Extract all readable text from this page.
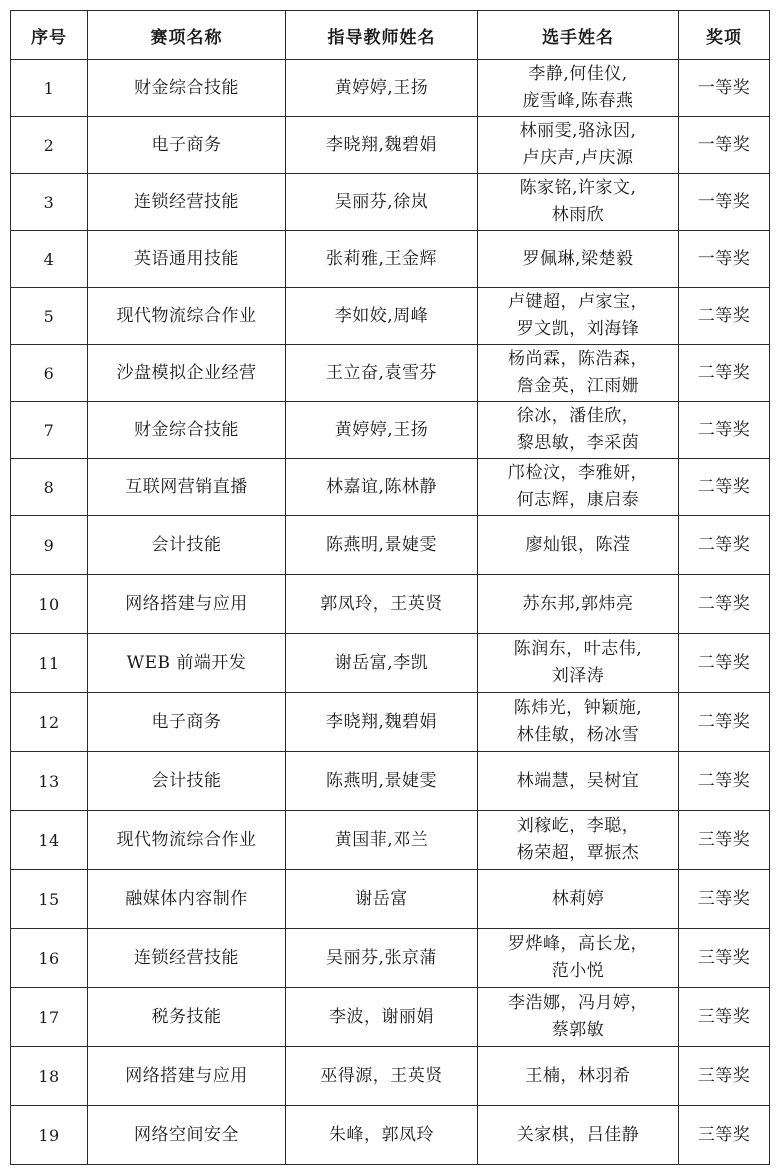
序号	赛项名称	指导教师姓名	选手姓名	奖项
1	财金综合技能	黄婷婷,王扬	李静,何佳仪,
庞雪峰,陈春燕	一等奖
2	电子商务	李晓翔,魏碧娟	林丽雯,骆泳因,
卢庆声,卢庆源	一等奖
3	连锁经营技能	吴丽芬,徐岚	陈家铭,许家文,
林雨欣	一等奖
4	英语通用技能	张莉雅,王金辉	罗佩琳,梁楚毅	一等奖
5	现代物流综合作业	李如姣,周峰	卢键超，卢家宝，
罗文凯，刘海锋	二等奖
6	沙盘模拟企业经营	王立奋,袁雪芬	杨尚霖，陈浩森，
詹金英，江雨姗	二等奖
7	财金综合技能	黄婷婷,王扬	徐冰，潘佳欣，
黎思敏，李采茵	二等奖
8	互联网营销直播	林嘉谊,陈林静	邝检汶，李雅妍，
何志辉，康启泰	二等奖
9	会计技能	陈燕明,景婕雯	廖灿银，陈滢	二等奖
10	网络搭建与应用	郭凤玲，王英贤	苏东邦,郭炜亮	二等奖
11	WEB 前端开发	谢岳富,李凯	陈润东，叶志伟,
刘泽涛	二等奖
12	电子商务	李晓翔,魏碧娟	陈炜光，钟颖施,
林佳敏，杨冰雪	二等奖
13	会计技能	陈燕明,景婕雯	林端慧，吴树宜	二等奖
14	现代物流综合作业	黄国菲,邓兰	刘稼屹，李聪，
杨荣超，覃振杰	三等奖
15	融媒体内容制作	谢岳富	林莉婷	三等奖
16	连锁经营技能	吴丽芬,张京蒲	罗烨峰，高长龙，
范小悦	三等奖
17	税务技能	李波，谢丽娟	李浩娜，冯月婷，
蔡郭敏	三等奖
18	网络搭建与应用	巫得源，王英贤	王楠，林羽希	三等奖
19	网络空间安全	朱峰，郭凤玲	关家棋，吕佳静	三等奖
